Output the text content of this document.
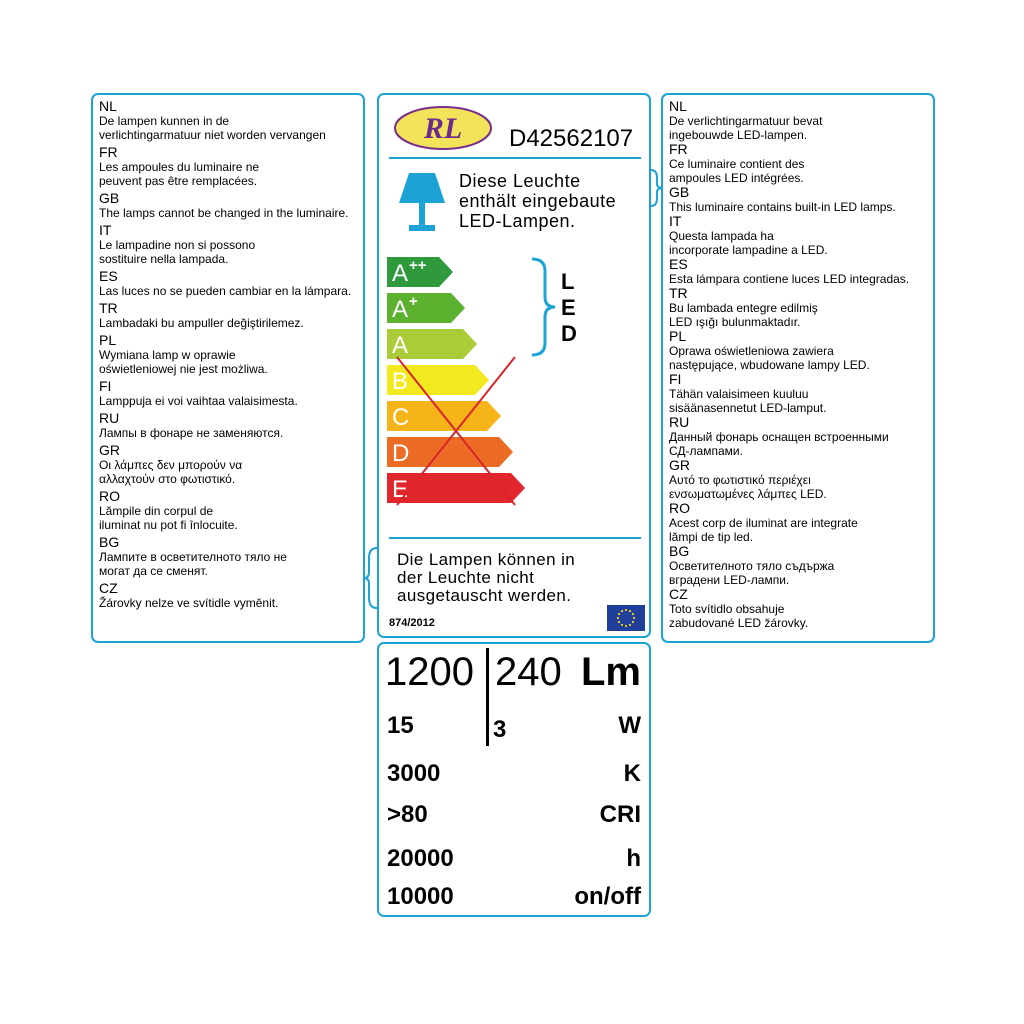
NL
De lampen kunnen in de
verlichtingarmatuur niet worden vervangen
FR
Les ampoules du luminaire ne
peuvent pas être remplacées.
GB
The lamps cannot be changed in the luminaire.
IT
Le lampadine non si possono
sostituire nella lampada.
ES
Las luces no se pueden cambiar en la lámpara.
TR
Lambadaki bu ampuller değiştirilemez.
PL
Wymiana lamp w oprawie
oświetleniowej nie jest możliwa.
FI
Lamppuja ei voi vaihtaa valaisimesta.
RU
Лампы в фонаре не заменяются.
GR
Οι λάμπες δεν μπορούν να
αλλαχτούν στο φωτιστικό.
RO
Lămpile din corpul de
iluminat nu pot fi înlocuite.
BG
Лампите в осветителното тяло не
могат да се сменят.
CZ
Žárovky nelze ve svítidle vyměnit.
NL
De verlichtingarmatuur bevat
ingebouwde LED-lampen.
FR
Ce luminaire contient des
ampoules LED intégrées.
GB
This luminaire contains built-in LED lamps.
IT
Questa lampada ha
incorporate lampadine a LED.
ES
Esta lámpara contiene luces LED integradas.
TR
Bu lambada entegre edilmiş
LED ışığı bulunmaktadır.
PL
Oprawa oświetleniowa zawiera
następujące, wbudowane lampy LED.
FI
Tähän valaisimeen kuuluu
sisäänasennetut LED-lamput.
RU
Данный фонарь оснащен встроенными
СД-лампами.
GR
Αυτό το φωτιστικό περιέχει
ενσωματωμένες λάμπες LED.
RO
Acest corp de iluminat are integrate
lămpi de tip led.
BG
Осветителното тяло съдържа
вградени LED-лампи.
CZ
Toto svítidlo obsahuje
zabudované LED žárovky.
RL D42562107
Diese Leuchte
enthält eingebaute
LED-Lampen.
A ++
A +
A
B
C
D
E
L
E
D
Die Lampen können in
der Leuchte nicht
ausgetauscht werden.
874/2012
1200 240 Lm
15	3	W
3000	K
>80	CRI
20000	h
10000	on/off
